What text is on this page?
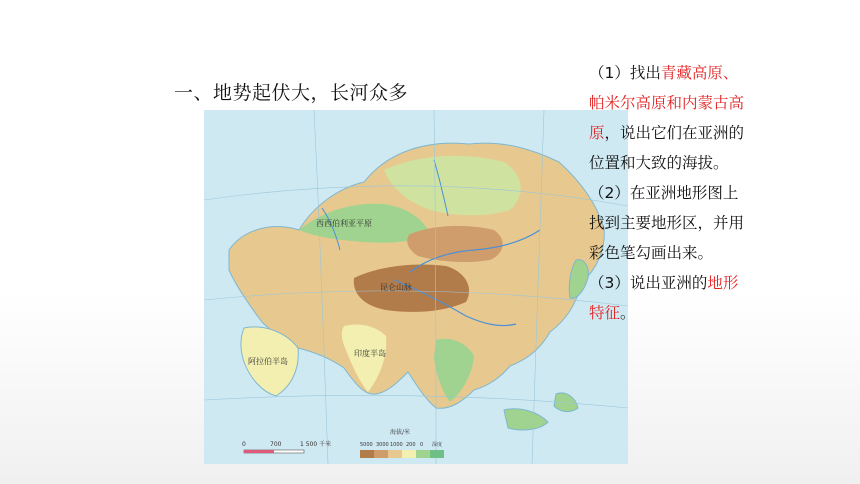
一、地势起伏大，长河众多
西西伯利亚平原
昆仑山脉
阿拉伯半岛
印度半岛
0	700	1 500 千米
海拔/米
5000 3000 1000 200 0 深度

（1）找出青藏高原、帕米尔高原和内蒙古高原，说出它们在亚洲的位置和大致的海拔。

（2）在亚洲地形图上找到主要地形区，并用彩色笔勾画出来。

（3）说出亚洲的地形特征。
